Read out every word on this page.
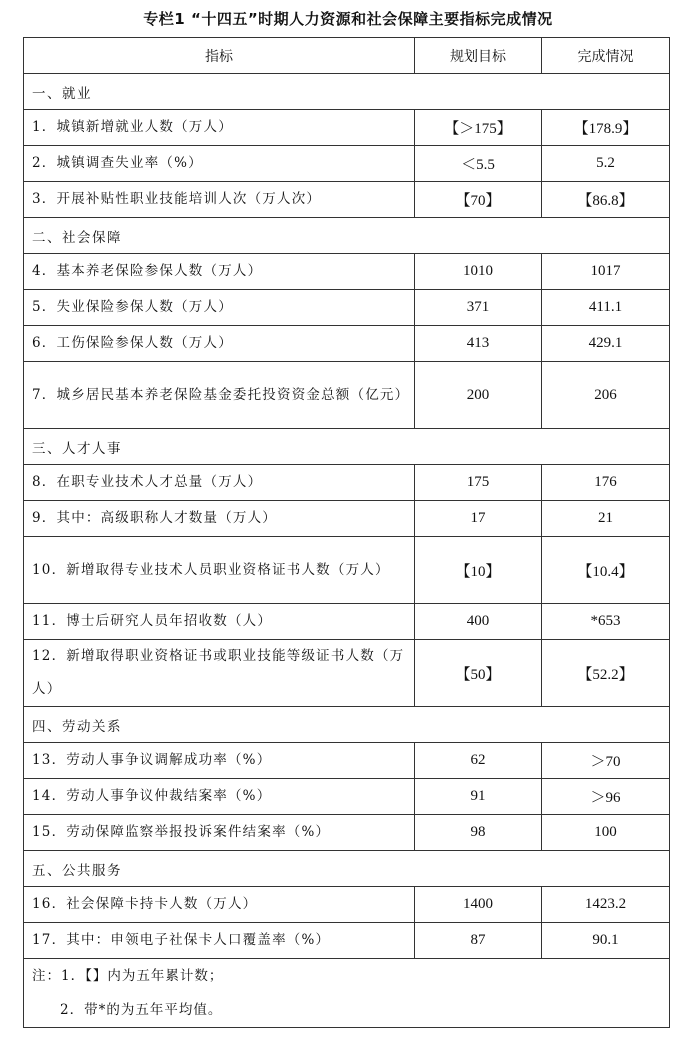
专栏1 “十四五”时期人力资源和社会保障主要指标完成情况
指标	规划目标	完成情况
一、就业		
1．城镇新增就业人数（万人）	【＞175】	【178.9】
2．城镇调查失业率（%）	＜5.5	5.2
3．开展补贴性职业技能培训人次（万人次）	【70】	【86.8】
二、社会保障		
4．基本养老保险参保人数（万人）	1010	1017
5．失业保险参保人数（万人）	371	411.1
6．工伤保险参保人数（万人）	413	429.1
7．城乡居民基本养老保险基金委托投资资金总额（亿元）	200	206
三、人才人事		
8．在职专业技术人才总量（万人）	175	176
9．其中：高级职称人才数量（万人）	17	21
10．新增取得专业技术人员职业资格证书人数（万人）	【10】	【10.4】
11．博士后研究人员年招收数（人）	400	*653
12．新增取得职业资格证书或职业技能等级证书人数（万人）	【50】	【52.2】
四、劳动关系		
13．劳动人事争议调解成功率（%）	62	＞70
14．劳动人事争议仲裁结案率（%）	91	＞96
15．劳动保障监察举报投诉案件结案率（%）	98	100
五、公共服务		
16．社会保障卡持卡人数（万人）	1400	1423.2
17．其中：申领电子社保卡人口覆盖率（%）	87	90.1

注：1．【】内为五年累计数；
2．带*的为五年平均值。		
